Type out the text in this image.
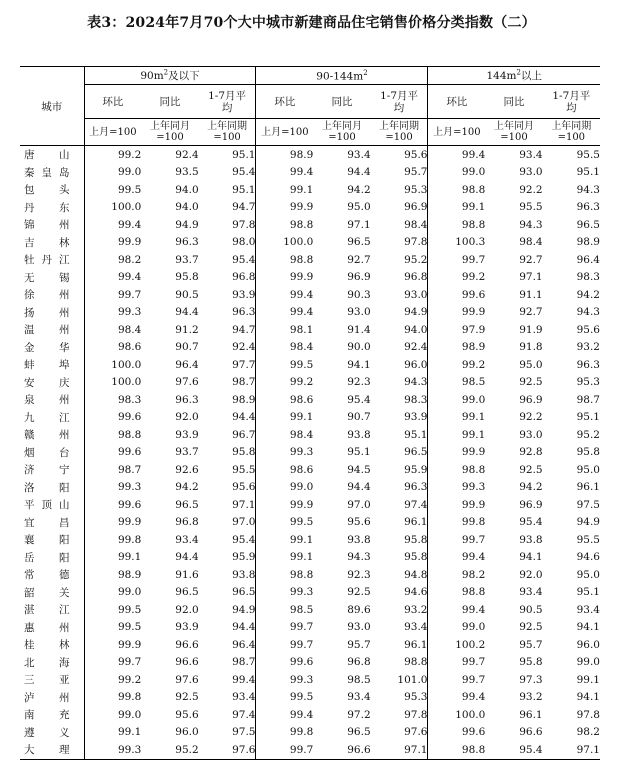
表3：2024年7月70个大中城市新建商品住宅销售价格分类指数（二）
城市	$90m^2$及以下			$90-144m^2$			$144m^2$以上		
	环比	同比	1-7月平均	环比	同比	1-7月平均	环比	同比	1-7月平均
	上月=100	上年同月=100	上年同期=100	上月=100	上年同月=100	上年同期=100	上月=100	上年同月=100	上年同期=100
唐山	99.2	92.4	95.1	98.9	93.4	95.6	99.4	93.4	95.5
秦皇岛	99.0	93.5	95.4	99.4	94.4	95.7	99.0	93.0	95.1
包头	99.5	94.0	95.1	99.1	94.2	95.3	98.8	92.2	94.3
丹东	100.0	94.0	94.7	99.9	95.0	96.9	99.1	95.5	96.3
锦州	99.4	94.9	97.8	98.8	97.1	98.4	98.8	94.3	96.5
吉林	99.9	96.3	98.0	100.0	96.5	97.8	100.3	98.4	98.9
牡丹江	98.2	93.7	95.4	98.8	92.7	95.2	99.7	92.7	96.4
无锡	99.4	95.8	96.8	99.9	96.9	96.8	99.2	97.1	98.3
徐州	99.7	90.5	93.9	99.4	90.3	93.0	99.6	91.1	94.2
扬州	99.3	94.4	96.3	99.4	93.0	94.9	99.9	92.7	94.3
温州	98.4	91.2	94.7	98.1	91.4	94.0	97.9	91.9	95.6
金华	98.6	90.7	92.4	98.4	90.0	92.4	98.9	91.8	93.2
蚌埠	100.0	96.4	97.7	99.5	94.1	96.0	99.2	95.0	96.3
安庆	100.0	97.6	98.7	99.2	92.3	94.3	98.5	92.5	95.3
泉州	98.3	96.3	98.9	98.6	95.4	98.3	99.0	96.9	98.7
九江	99.6	92.0	94.4	99.1	90.7	93.9	99.1	92.2	95.1
赣州	98.8	93.9	96.7	98.4	93.8	95.1	99.1	93.0	95.2
烟台	99.6	93.7	95.8	99.3	95.1	96.5	99.9	92.8	95.8
济宁	98.7	92.6	95.5	98.6	94.5	95.9	98.8	92.5	95.0
洛阳	99.3	94.2	95.6	99.0	94.4	96.3	99.3	94.2	96.1
平顶山	99.6	96.5	97.1	99.9	97.0	97.4	99.9	96.9	97.5
宜昌	99.9	96.8	97.0	99.5	95.6	96.1	99.8	95.4	94.9
襄阳	99.8	93.4	95.4	99.1	93.8	95.8	99.7	93.8	95.5
岳阳	99.1	94.4	95.9	99.1	94.3	95.8	99.4	94.1	94.6
常德	98.9	91.6	93.8	98.8	92.3	94.8	98.2	92.0	95.0
韶关	99.0	96.5	96.5	99.3	92.5	94.6	98.8	93.4	95.1
湛江	99.5	92.0	94.9	98.5	89.6	93.2	99.4	90.5	93.4
惠州	99.5	93.9	94.4	99.7	93.0	93.4	99.0	92.5	94.1
桂林	99.9	96.6	96.4	99.7	95.7	96.1	100.2	95.7	96.0
北海	99.7	96.6	98.7	99.6	96.8	98.8	99.7	95.8	99.0
三亚	99.2	97.6	99.4	99.3	98.5	101.0	99.7	97.3	99.1
泸州	99.8	92.5	93.4	99.5	93.4	95.3	99.4	93.2	94.1
南充	99.0	95.6	97.4	99.4	97.2	97.8	100.0	96.1	97.8
遵义	99.1	96.0	97.5	99.8	96.5	97.6	99.6	96.6	98.2
大理	99.3	95.2	97.6	99.7	96.6	97.1	98.8	95.4	97.1
